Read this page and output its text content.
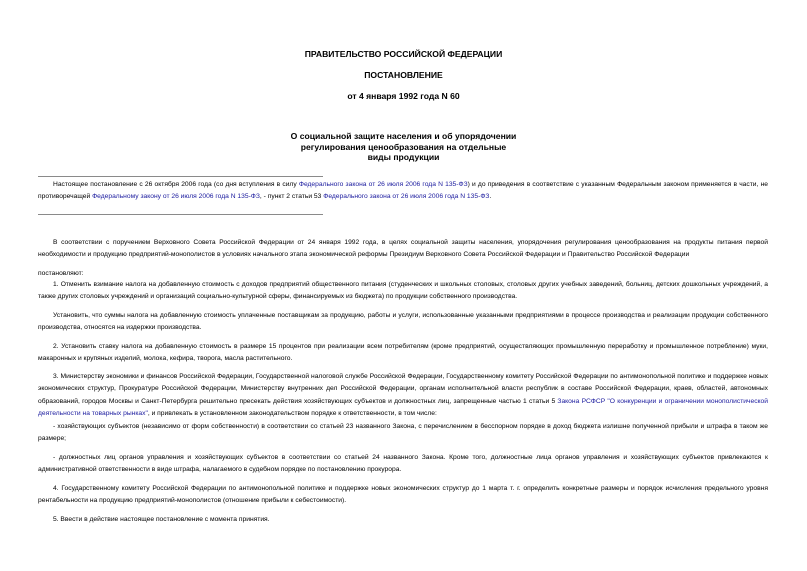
ПРАВИТЕЛЬСТВО РОССИЙСКОЙ ФЕДЕРАЦИИ
ПОСТАНОВЛЕНИЕ
от 4 января 1992 года N 60
О социальной защите населения и об упорядочении
регулирования ценообразования на отдельные
виды продукции
Настоящее постановление с 26 октября 2006 года (со дня вступления в силу Федерального закона от 26 июля 2006 года N 135-ФЗ) и до приведения в соответствие с указанным Федеральным законом применяется в части, не противоречащей Федеральному закону от 26 июля 2006 года N 135-ФЗ, - пункт 2 статьи 53 Федерального закона от 26 июля 2006 года N 135-ФЗ.
В соответствии с поручением Верховного Совета Российской Федерации от 24 января 1992 года, в целях социальной защиты населения, упорядочения регулирования ценообразования на продукты питания первой необходимости и продукцию предприятий-монополистов в условиях начального этапа экономической реформы Президиум Верховного Совета Российской Федерации и Правительство Российской Федерации
постановляют:
1. Отменить взимание налога на добавленную стоимость с доходов предприятий общественного питания (студенческих и школьных столовых, столовых других учебных заведений, больниц, детских дошкольных учреждений, а также других столовых учреждений и организаций социально-культурной сферы, финансируемых из бюджета) по продукции собственного производства.
Установить, что суммы налога на добавленную стоимость уплаченные поставщикам за продукцию, работы и услуги, использованные указанными предприятиями в процессе производства и реализации продукции собственного производства, относятся на издержки производства.
2. Установить ставку налога на добавленную стоимость в размере 15 процентов при реализации всем потребителям (кроме предприятий, осуществляющих промышленную переработку и промышленное потребление) муки, макаронных и крупяных изделий, молока, кефира, творога, масла растительного.
3. Министерству экономики и финансов Российской Федерации, Государственной налоговой службе Российской Федерации, Государственному комитету Российской Федерации по антимонопольной политике и поддержке новых экономических структур, Прокуратуре Российской Федерации, Министерству внутренних дел Российской Федерации, органам исполнительной власти республик в составе Российской Федерации, краев, областей, автономных образований, городов Москвы и Санкт-Петербурга решительно пресекать действия хозяйствующих субъектов и должностных лиц, запрещенные частью 1 статьи 5 Закона РСФСР "О конкуренции и ограничении монополистической деятельности на товарных рынках", и привлекать в установленном законодательством порядке к ответственности, в том числе:
- хозяйствующих субъектов (независимо от форм собственности) в соответствии со статьей 23 названного Закона, с перечислением в бесспорном порядке в доход бюджета излишне полученной прибыли и штрафа в таком же размере;
- должностных лиц органов управления и хозяйствующих субъектов в соответствии со статьей 24 названного Закона. Кроме того, должностные лица органов управления и хозяйствующих субъектов привлекаются к административной ответственности в виде штрафа, налагаемого в судебном порядке по постановлению прокурора.
4. Государственному комитету Российской Федерации по антимонопольной политике и поддержке новых экономических структур до 1 марта т. г. определить конкретные размеры и порядок исчисления предельного уровня рентабельности на продукцию предприятий-монополистов (отношение прибыли к себестоимости).
5. Ввести в действие настоящее постановление с момента принятия.
